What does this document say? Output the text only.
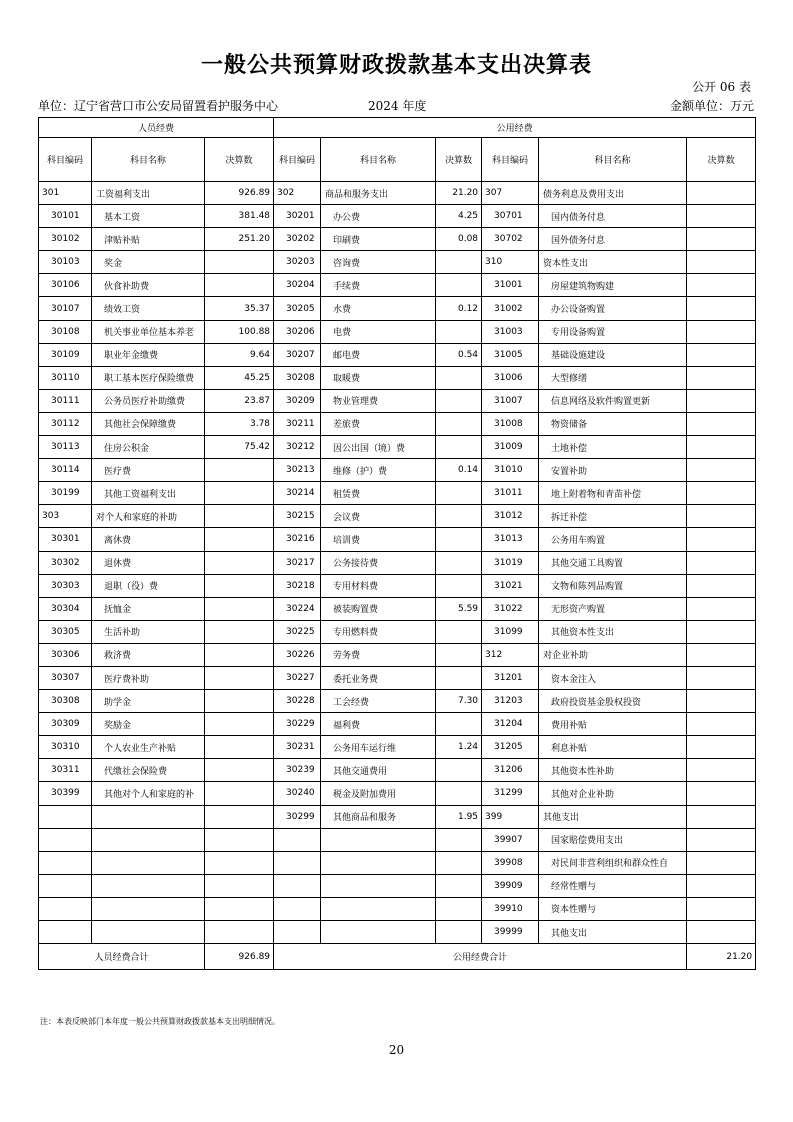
一般公共预算财政拨款基本支出决算表
公开 06 表
单位：辽宁省营口市公安局留置看护服务中心	2024 年度	金额单位：万元
人员经费			公用经费					
科目编码	科目名称	决算数	科目编码	科目名称	决算数	科目编码	科目名称	决算数
301	工资福利支出	926.89	302	商品和服务支出	21.20	307	债务利息及费用支出	
30101	基本工资	381.48	30201	办公费	4.25	30701	国内债务付息	
30102	津贴补贴	251.20	30202	印刷费	0.08	30702	国外债务付息	
30103	奖金		30203	咨询费		310	资本性支出	
30106	伙食补助费		30204	手续费		31001	房屋建筑物购建	
30107	绩效工资	35.37	30205	水费	0.12	31002	办公设备购置	
30108	机关事业单位基本养老	100.88	30206	电费		31003	专用设备购置	
30109	职业年金缴费	9.64	30207	邮电费	0.54	31005	基础设施建设	
30110	职工基本医疗保险缴费	45.25	30208	取暖费		31006	大型修缮	
30111	公务员医疗补助缴费	23.87	30209	物业管理费		31007	信息网络及软件购置更新	
30112	其他社会保障缴费	3.78	30211	差旅费		31008	物资储备	
30113	住房公积金	75.42	30212	因公出国（境）费		31009	土地补偿	
30114	医疗费		30213	维修（护）费	0.14	31010	安置补助	
30199	其他工资福利支出		30214	租赁费		31011	地上附着物和青苗补偿	
303	对个人和家庭的补助		30215	会议费		31012	拆迁补偿	
30301	离休费		30216	培训费		31013	公务用车购置	
30302	退休费		30217	公务接待费		31019	其他交通工具购置	
30303	退职（役）费		30218	专用材料费		31021	文物和陈列品购置	
30304	抚恤金		30224	被装购置费	5.59	31022	无形资产购置	
30305	生活补助		30225	专用燃料费		31099	其他资本性支出	
30306	救济费		30226	劳务费		312	对企业补助	
30307	医疗费补助		30227	委托业务费		31201	资本金注入	
30308	助学金		30228	工会经费	7.30	31203	政府投资基金股权投资	
30309	奖励金		30229	福利费		31204	费用补贴	
30310	个人农业生产补贴		30231	公务用车运行维	1.24	31205	利息补贴	
30311	代缴社会保险费		30239	其他交通费用		31206	其他资本性补助	
30399	其他对个人和家庭的补		30240	税金及附加费用		31299	其他对企业补助	
			30299	其他商品和服务	1.95	399	其他支出	
						39907	国家赔偿费用支出	
						39908	对民间非营利组织和群众性自	
						39909	经常性赠与	
						39910	资本性赠与	
						39999	其他支出	
人员经费合计		926.89	公用经费合计					21.20
注：本表反映部门本年度一般公共预算财政拨款基本支出明细情况。
20
